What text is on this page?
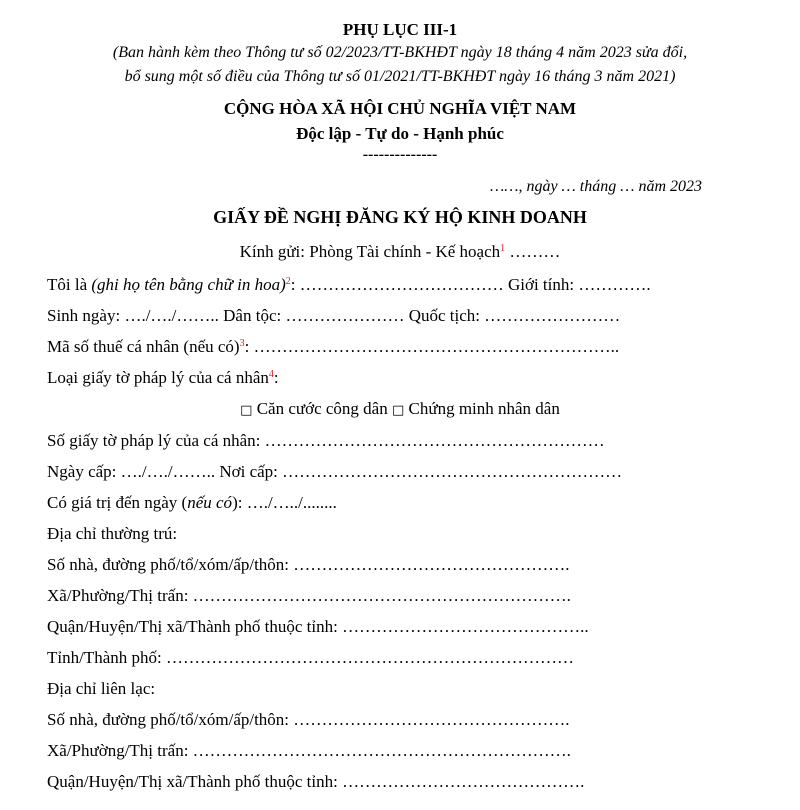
PHỤ LỤC III-1
(Ban hành kèm theo Thông tư số 02/2023/TT-BKHĐT ngày 18 tháng 4 năm 2023 sửa đổi,
bổ sung một số điều của Thông tư số 01/2021/TT-BKHĐT ngày 16 tháng 3 năm 2021)
CỘNG HÒA XÃ HỘI CHỦ NGHĨA VIỆT NAM
Độc lập - Tự do - Hạnh phúc
--------------
……, ngày … tháng … năm 2023
GIẤY ĐỀ NGHỊ ĐĂNG KÝ HỘ KINH DOANH
Kính gửi: Phòng Tài chính - Kế hoạch$^1$ ………
Tôi là (ghi họ tên bằng chữ in hoa)$^2$: ……………………………… Giới tính: ………….
Sinh ngày: …./…./…….. Dân tộc: ………………… Quốc tịch: ……………………
Mã số thuế cá nhân (nếu có)$^3$: ………………………………………………………..
Loại giấy tờ pháp lý của cá nhân$^4$:
□ Căn cước công dân □ Chứng minh nhân dân
Số giấy tờ pháp lý của cá nhân: ……………………………………………………
Ngày cấp: …./…./…….. Nơi cấp: ……………………………………………………
Có giá trị đến ngày (nếu có): …./…../........
Địa chỉ thường trú:
Số nhà, đường phố/tổ/xóm/ấp/thôn: ………………………………………….
Xã/Phường/Thị trấn: ………………………………………………………….
Quận/Huyện/Thị xã/Thành phố thuộc tỉnh: ……………………………………..
Tỉnh/Thành phố: ………………………………………………………………
Địa chỉ liên lạc:
Số nhà, đường phố/tổ/xóm/ấp/thôn: ………………………………………….
Xã/Phường/Thị trấn: ………………………………………………………….
Quận/Huyện/Thị xã/Thành phố thuộc tỉnh: …………………………………….
